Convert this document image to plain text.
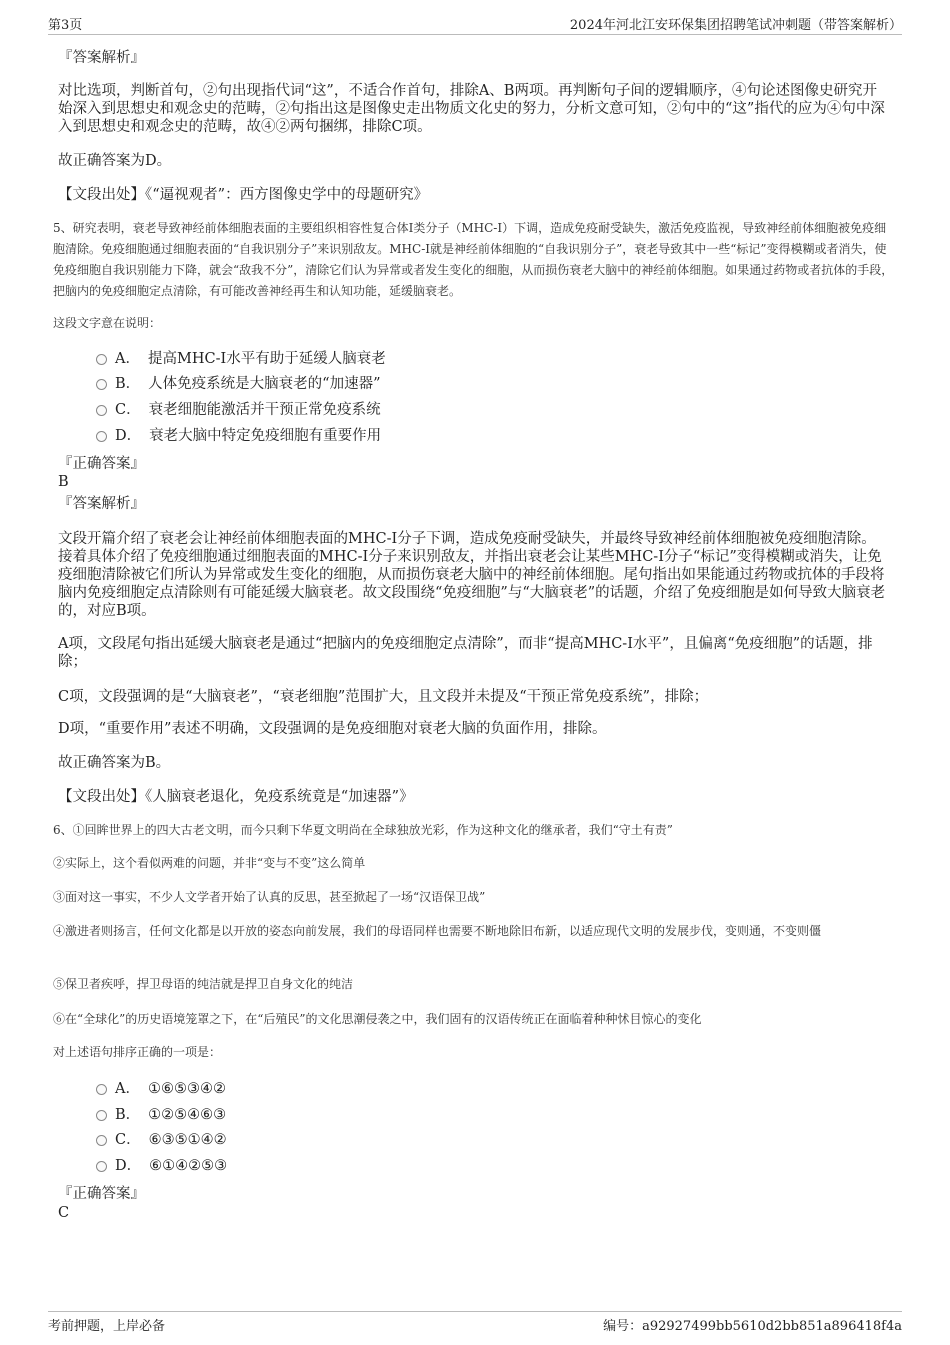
第3页	2024年河北江安环保集团招聘笔试冲刺题（带答案解析）

『答案解析』

对比选项，判断首句，②句出现指代词“这”，不适合作首句，排除A、B两项。再判断句子间的逻辑顺序，④句论述图像史研究开始深入到思想史和观念史的范畴，②句指出这是图像史走出物质文化史的努力，分析文意可知，②句中的“这”指代的应为④句中深入到思想史和观念史的范畴，故④②两句捆绑，排除C项。

故正确答案为D。

【文段出处】《“逼视观者”：西方图像史学中的母题研究》

5、研究表明，衰老导致神经前体细胞表面的主要组织相容性复合体I类分子（MHC-I）下调，造成免疫耐受缺失，激活免疫监视，导致神经前体细胞被免疫细胞清除。免疫细胞通过细胞表面的“自我识别分子”来识别敌友。MHC-I就是神经前体细胞的“自我识别分子”，衰老导致其中一些“标记”变得模糊或者消失，使免疫细胞自我识别能力下降，就会“敌我不分”，清除它们认为异常或者发生变化的细胞，从而损伤衰老大脑中的神经前体细胞。如果通过药物或者抗体的手段，把脑内的免疫细胞定点清除，有可能改善神经再生和认知功能，延缓脑衰老。

这段文字意在说明：

A． 提高MHC-I水平有助于延缓人脑衰老
B． 人体免疫系统是大脑衰老的“加速器”
C． 衰老细胞能激活并干预正常免疫系统
D． 衰老大脑中特定免疫细胞有重要作用

『正确答案』

B

『答案解析』

文段开篇介绍了衰老会让神经前体细胞表面的MHC-I分子下调，造成免疫耐受缺失，并最终导致神经前体细胞被免疫细胞清除。接着具体介绍了免疫细胞通过细胞表面的MHC-I分子来识别敌友，并指出衰老会让某些MHC-I分子“标记”变得模糊或消失，让免疫细胞清除被它们所认为异常或发生变化的细胞，从而损伤衰老大脑中的神经前体细胞。尾句指出如果能通过药物或抗体的手段将脑内免疫细胞定点清除则有可能延缓大脑衰老。故文段围绕“免疫细胞”与“大脑衰老”的话题，介绍了免疫细胞是如何导致大脑衰老的，对应B项。

A项，文段尾句指出延缓大脑衰老是通过“把脑内的免疫细胞定点清除”，而非“提高MHC-I水平”，且偏离“免疫细胞”的话题，排除；

C项，文段强调的是“大脑衰老”，“衰老细胞”范围扩大，且文段并未提及“干预正常免疫系统”，排除；

D项，“重要作用”表述不明确，文段强调的是免疫细胞对衰老大脑的负面作用，排除。

故正确答案为B。

【文段出处】《人脑衰老退化，免疫系统竟是“加速器”》

6、①回眸世界上的四大古老文明，而今只剩下华夏文明尚在全球独放光彩，作为这种文化的继承者，我们“守土有责”

②实际上，这个看似两难的问题，并非“变与不变”这么简单

③面对这一事实，不少人文学者开始了认真的反思，甚至掀起了一场“汉语保卫战”

④激进者则扬言，任何文化都是以开放的姿态向前发展，我们的母语同样也需要不断地除旧布新，以适应现代文明的发展步伐，变则通，不变则僵

⑤保卫者疾呼，捍卫母语的纯洁就是捍卫自身文化的纯洁

⑥在“全球化”的历史语境笼罩之下，在“后殖民”的文化思潮侵袭之中，我们固有的汉语传统正在面临着种种怵目惊心的变化

对上述语句排序正确的一项是：

A． ①⑥⑤③④②
B． ①②⑤④⑥③
C． ⑥③⑤①④②
D． ⑥①④②⑤③

『正确答案』

C

考前押题，上岸必备	编号：a92927499bb5610d2bb851a896418f4a
